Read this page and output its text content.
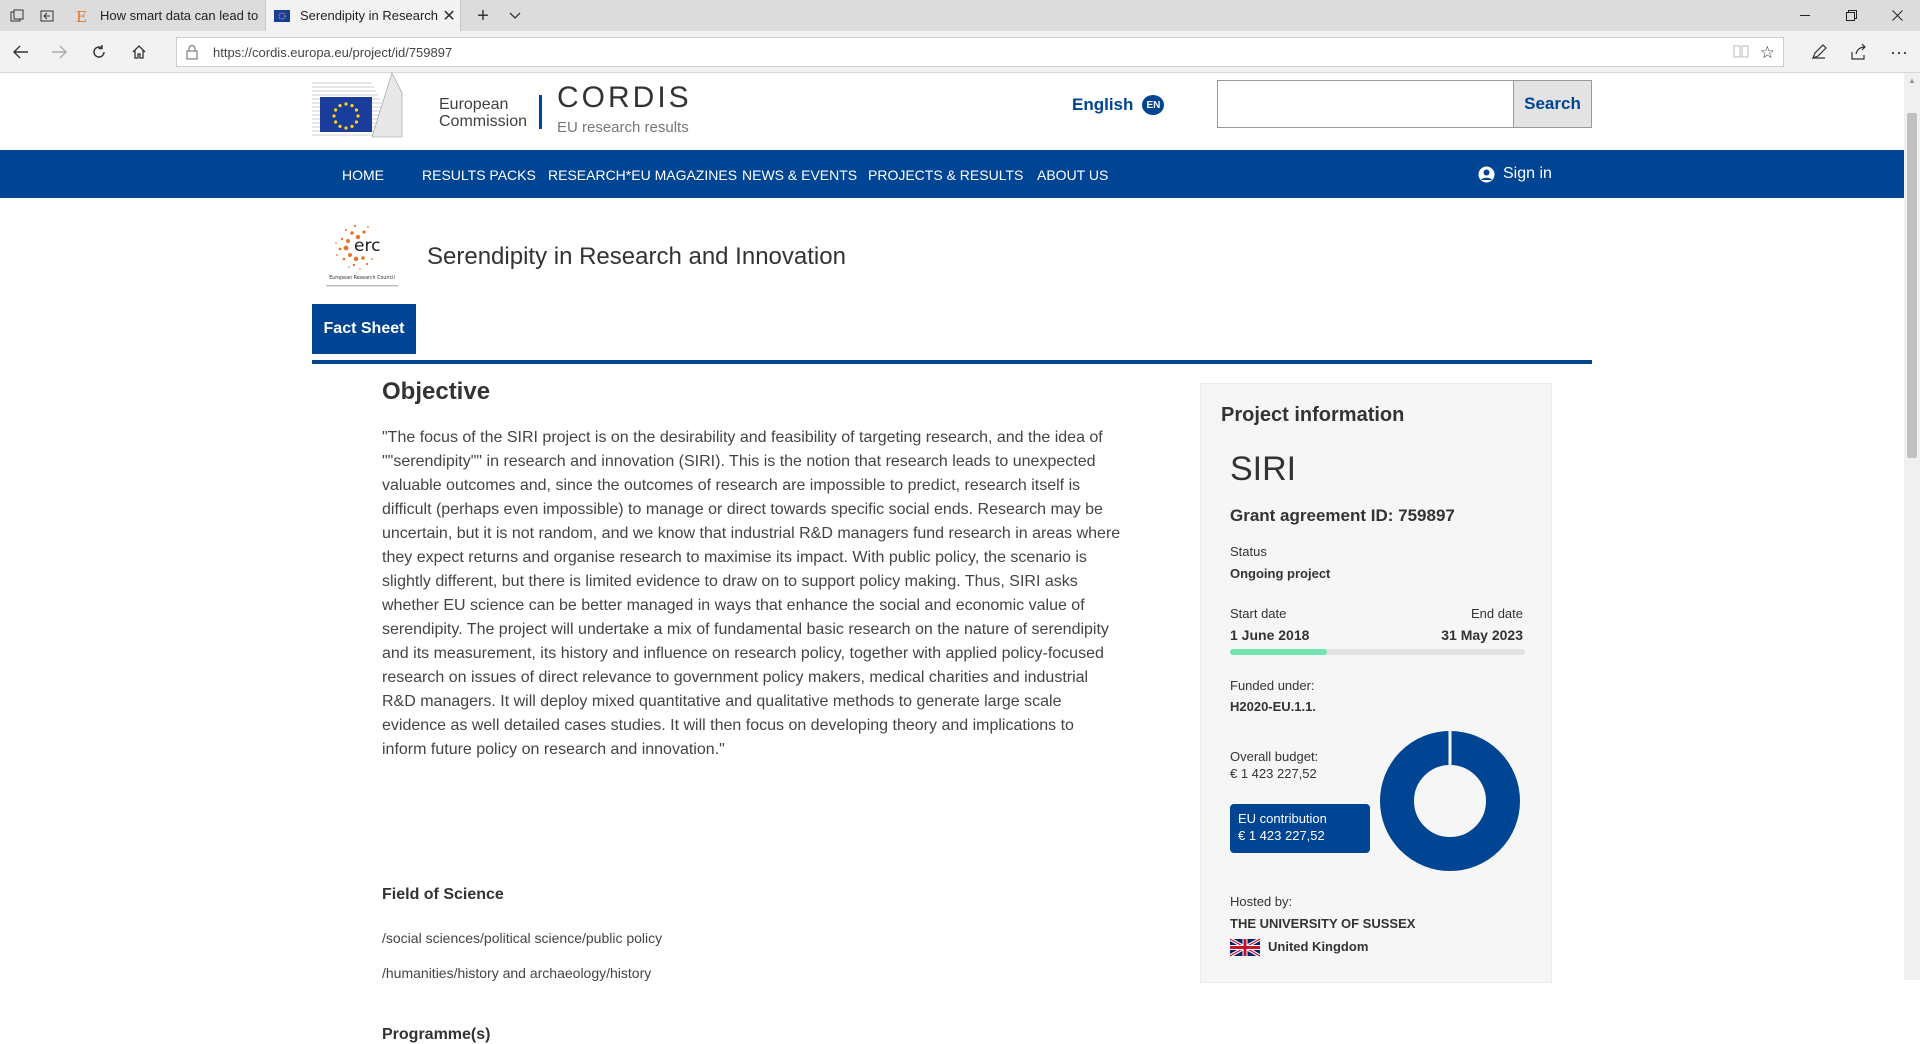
E How smart data can lead to	Serendipity in Research ✕ +
https://cordis.europa.eu/project/id/759897	☆	···
European
Commission
CORDIS
EU research results
English	EN	Search
HOME	RESULTS PACKS RESEARCH*EU MAGAZINES NEWS & EVENTS PROJECTS & RESULTS ABOUT US	Sign in
erc
European Research Council
Serendipity in Research and Innovation
Fact Sheet
Objective

"The focus of the SIRI project is on the desirability and feasibility of targeting research, and the idea of ""serendipity"" in research and innovation (SIRI). This is the notion that research leads to unexpected valuable outcomes and, since the outcomes of research are impossible to predict, research itself is difficult (perhaps even impossible) to manage or direct towards specific social ends. Research may be uncertain, but it is not random, and we know that industrial R&D managers fund research in areas where they expect returns and organise research to maximise its impact. With public policy, the scenario is slightly different, but there is limited evidence to draw on to support policy making. Thus, SIRI asks whether EU science can be better managed in ways that enhance the social and economic value of serendipity. The project will undertake a mix of fundamental basic research on the nature of serendipity and its measurement, its history and influence on research policy, together with applied policy-focused research on issues of direct relevance to government policy makers, medical charities and industrial R&D managers. It will deploy mixed quantitative and qualitative methods to generate large scale evidence as well detailed cases studies. It will then focus on developing theory and implications to inform future policy on research and innovation."

Field of Science
/social sciences/political science/public policy
/humanities/history and archaeology/history
Programme(s)
Project information
SIRI
Grant agreement ID: 759897
Status
Ongoing project
Start date
1 June 2018
End date
31 May 2023
Funded under:
H2020-EU.1.1.
Overall budget:
€ 1 423 227,52
EU contribution
€ 1 423 227,52
Hosted by:
THE UNIVERSITY OF SUSSEX
United Kingdom
▲
